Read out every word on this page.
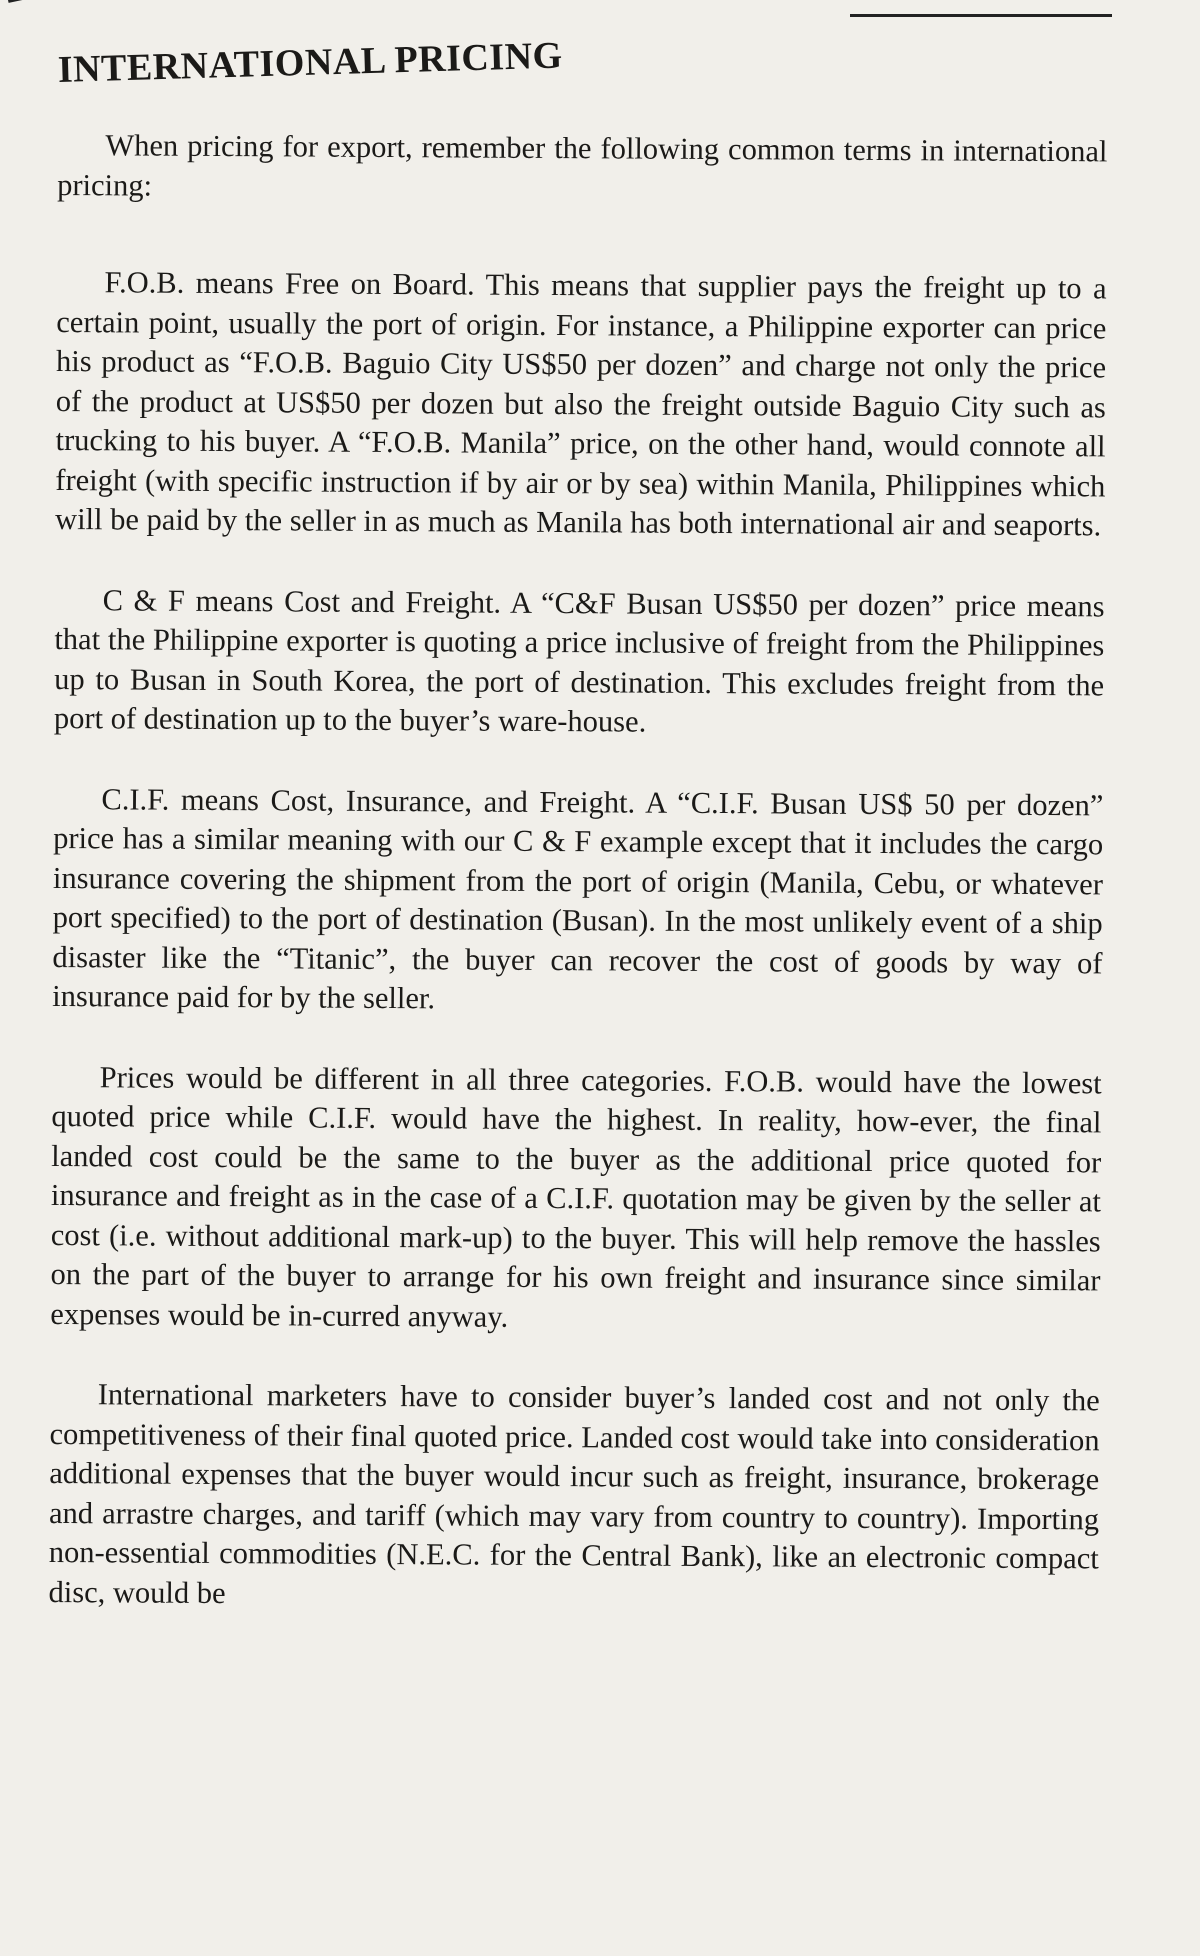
INTERNATIONAL PRICING

When pricing for export, remember the following common terms in international pricing:

F.O.B. means Free on Board. This means that supplier pays the freight up to a certain point, usually the port of origin. For instance, a Philippine exporter can price his product as “F.O.B. Baguio City US$50 per dozen” and charge not only the price of the product at US$50 per dozen but also the freight outside Baguio City such as trucking to his buyer. A “F.O.B. Manila” price, on the other hand, would connote all freight (with specific instruction if by air or by sea) within Manila, Philippines which will be paid by the seller in as much as Manila has both international air and seaports.

C & F means Cost and Freight. A “C&F Busan US$50 per dozen” price means that the Philippine exporter is quoting a price inclusive of freight from the Philippines up to Busan in South Korea, the port of destination. This excludes freight from the port of destination up to the buyer’s ware-house.

C.I.F. means Cost, Insurance, and Freight. A “C.I.F. Busan US$ 50 per dozen” price has a similar meaning with our C & F example except that it includes the cargo insurance covering the shipment from the port of origin (Manila, Cebu, or whatever port specified) to the port of destination (Busan). In the most unlikely event of a ship disaster like the “Titanic”, the buyer can recover the cost of goods by way of insurance paid for by the seller.

Prices would be different in all three categories. F.O.B. would have the lowest quoted price while C.I.F. would have the highest. In reality, how-ever, the final landed cost could be the same to the buyer as the additional price quoted for insurance and freight as in the case of a C.I.F. quotation may be given by the seller at cost (i.e. without additional mark-up) to the buyer. This will help remove the hassles on the part of the buyer to arrange for his own freight and insurance since similar expenses would be in-curred anyway.

International marketers have to consider buyer’s landed cost and not only the competitiveness of their final quoted price. Landed cost would take into consideration additional expenses that the buyer would incur such as freight, insurance, brokerage and arrastre charges, and tariff (which may vary from country to country). Importing non-essential commodities (N.E.C. for the Central Bank), like an electronic compact disc, would be
